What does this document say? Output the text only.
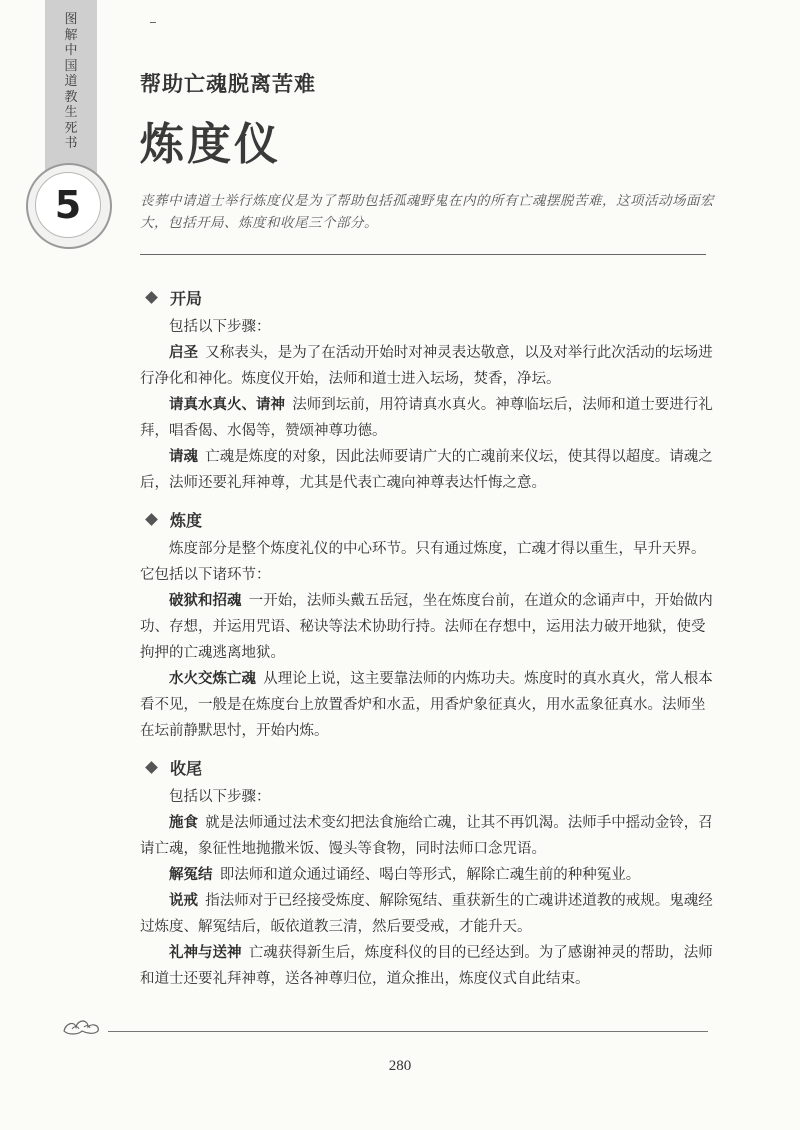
图解中国道教生死书
5
帮助亡魂脱离苦难
炼度仪
丧葬中请道士举行炼度仪是为了帮助包括孤魂野鬼在内的所有亡魂摆脱苦难，这项活动场面宏大，包括开局、炼度和收尾三个部分。
开局

包括以下步骤：

启圣  又称表头，是为了在活动开始时对神灵表达敬意，以及对举行此次活动的坛场进行净化和神化。炼度仪开始，法师和道士进入坛场，焚香，净坛。

请真水真火、请神  法师到坛前，用符请真水真火。神尊临坛后，法师和道士要进行礼拜，唱香偈、水偈等，赞颂神尊功德。

请魂  亡魂是炼度的对象，因此法师要请广大的亡魂前来仪坛，使其得以超度。请魂之后，法师还要礼拜神尊，尤其是代表亡魂向神尊表达忏悔之意。

炼度

炼度部分是整个炼度礼仪的中心环节。只有通过炼度，亡魂才得以重生，早升天界。它包括以下诸环节：

破狱和招魂  一开始，法师头戴五岳冠，坐在炼度台前，在道众的念诵声中，开始做内功、存想，并运用咒语、秘诀等法术协助行持。法师在存想中，运用法力破开地狱，使受拘押的亡魂逃离地狱。

水火交炼亡魂  从理论上说，这主要靠法师的内炼功夫。炼度时的真水真火，常人根本看不见，一般是在炼度台上放置香炉和水盂，用香炉象征真火，用水盂象征真水。法师坐在坛前静默思忖，开始内炼。

收尾

包括以下步骤：

施食  就是法师通过法术变幻把法食施给亡魂，让其不再饥渴。法师手中摇动金铃，召请亡魂，象征性地抛撒米饭、馒头等食物，同时法师口念咒语。

解冤结  即法师和道众通过诵经、喝白等形式，解除亡魂生前的种种冤业。

说戒  指法师对于已经接受炼度、解除冤结、重获新生的亡魂讲述道教的戒规。鬼魂经过炼度、解冤结后，皈依道教三清，然后要受戒，才能升天。

礼神与送神  亡魂获得新生后，炼度科仪的目的已经达到。为了感谢神灵的帮助，法师和道士还要礼拜神尊，送各神尊归位，道众推出，炼度仪式自此结束。

280
